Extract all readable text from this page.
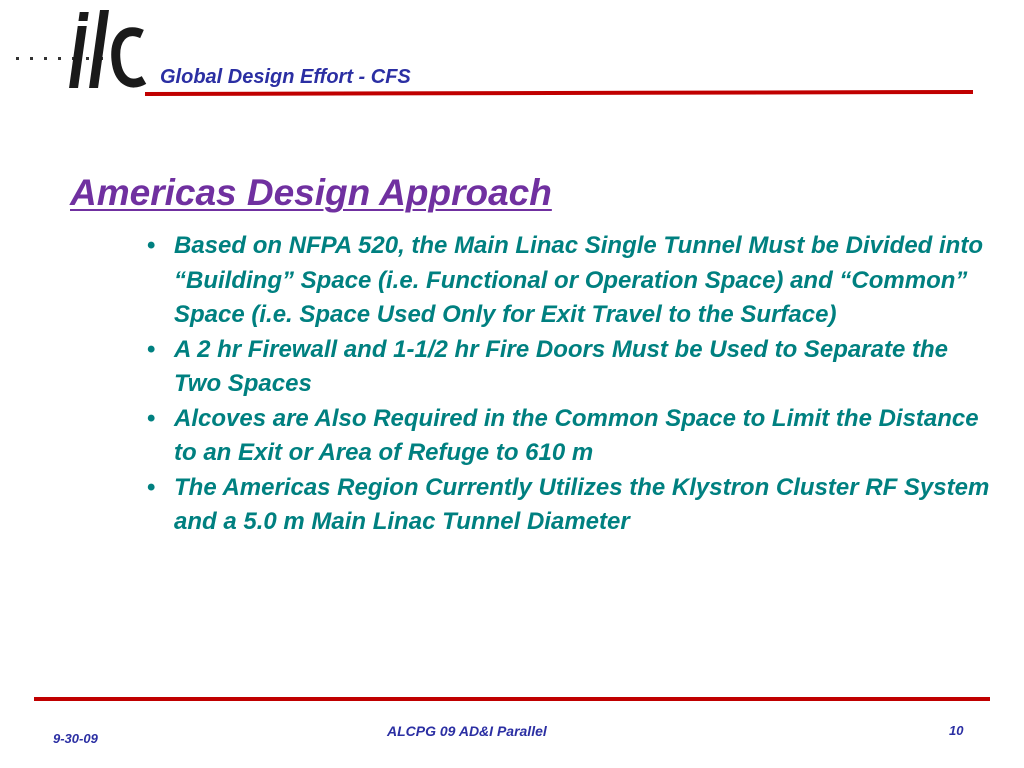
Global Design Effort - CFS
Americas Design Approach
• Based on NFPA 520, the Main Linac Single Tunnel Must be Divided into “Building” Space (i.e. Functional or Operation Space) and “Common” Space (i.e. Space Used Only for Exit Travel to the Surface)
• A 2 hr Firewall and 1-1/2 hr Fire Doors Must be Used to Separate the Two Spaces
• Alcoves are Also Required in the Common Space to Limit the Distance to an Exit or Area of Refuge to 610 m
• The Americas Region Currently Utilizes the Klystron Cluster RF System and a 5.0 m Main Linac Tunnel Diameter
9-30-09	ALCPG 09 AD&I Parallel	10
